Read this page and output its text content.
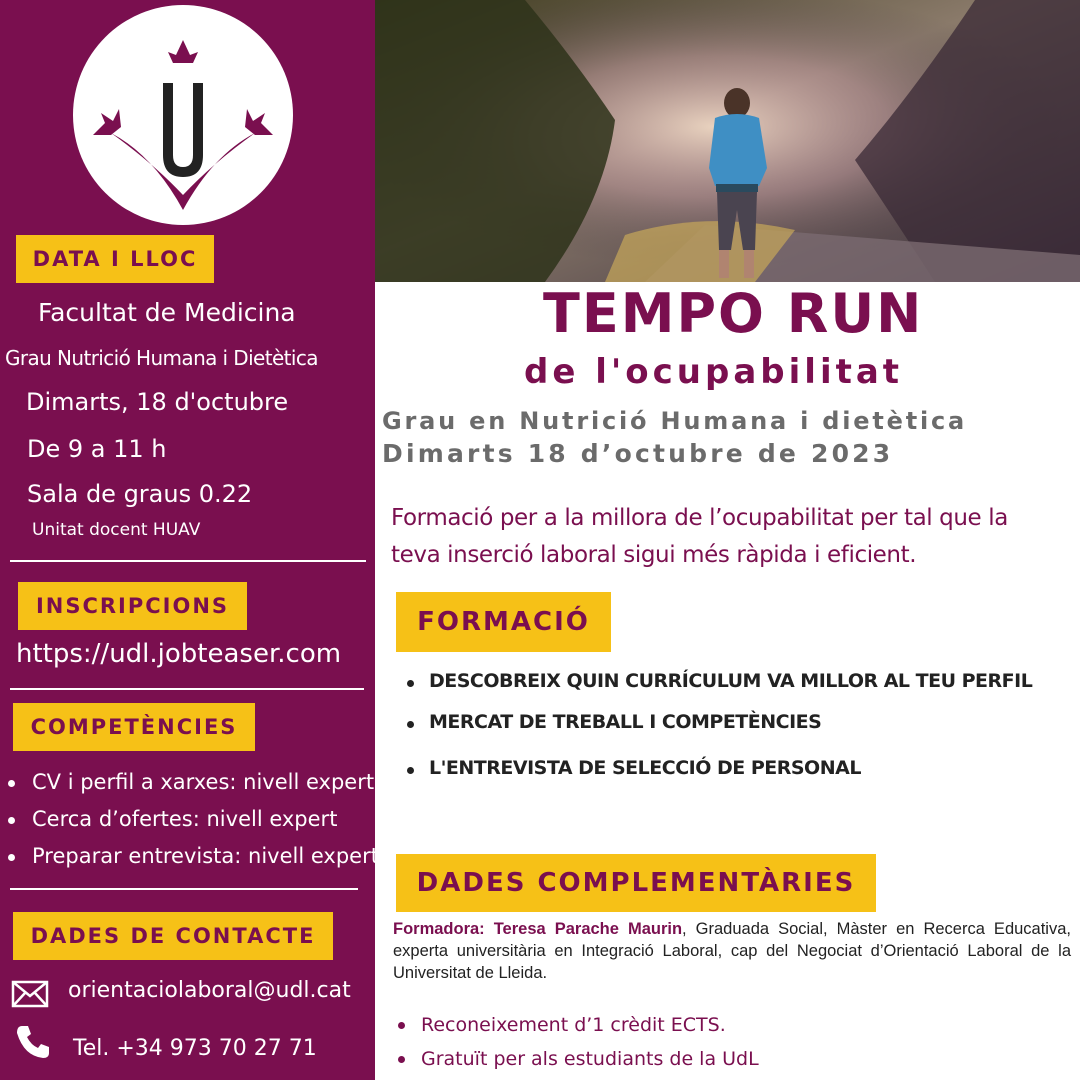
DATA I LLOC
Facultat de Medicina
Grau Nutrició Humana i Dietètica
Dimarts, 18 d'octubre
De 9 a 11 h
Sala de graus 0.22
Unitat docent HUAV
INSCRIPCIONS
https://udl.jobteaser.com
COMPETÈNCIES
CV i perfil a xarxes: nivell expert
Cerca d’ofertes: nivell expert
Preparar entrevista: nivell expert
DADES DE CONTACTE
orientaciolaboral@udl.cat
Tel. +34 973 70 27 71
TEMPO RUN
de l'ocupabilitat
Grau en Nutrició Humana i dietètica
Dimarts 18 d’octubre de 2023
Formació per a la millora de l’ocupabilitat per tal que la
teva inserció laboral sigui més ràpida i eficient.
FORMACIÓ
DESCOBREIX QUIN CURRÍCULUM VA MILLOR AL TEU PERFIL
MERCAT DE TREBALL I COMPETÈNCIES
L'ENTREVISTA DE SELECCIÓ DE PERSONAL
DADES COMPLEMENTÀRIES
Formadora: Teresa Parache Maurin, Graduada Social, Màster en Recerca Educativa, experta universitària en Integració Laboral, cap del Negociat d’Orientació Laboral de la Universitat de Lleida.
Reconeixement d’1 crèdit ECTS.
Gratuït per als estudiants de la UdL
